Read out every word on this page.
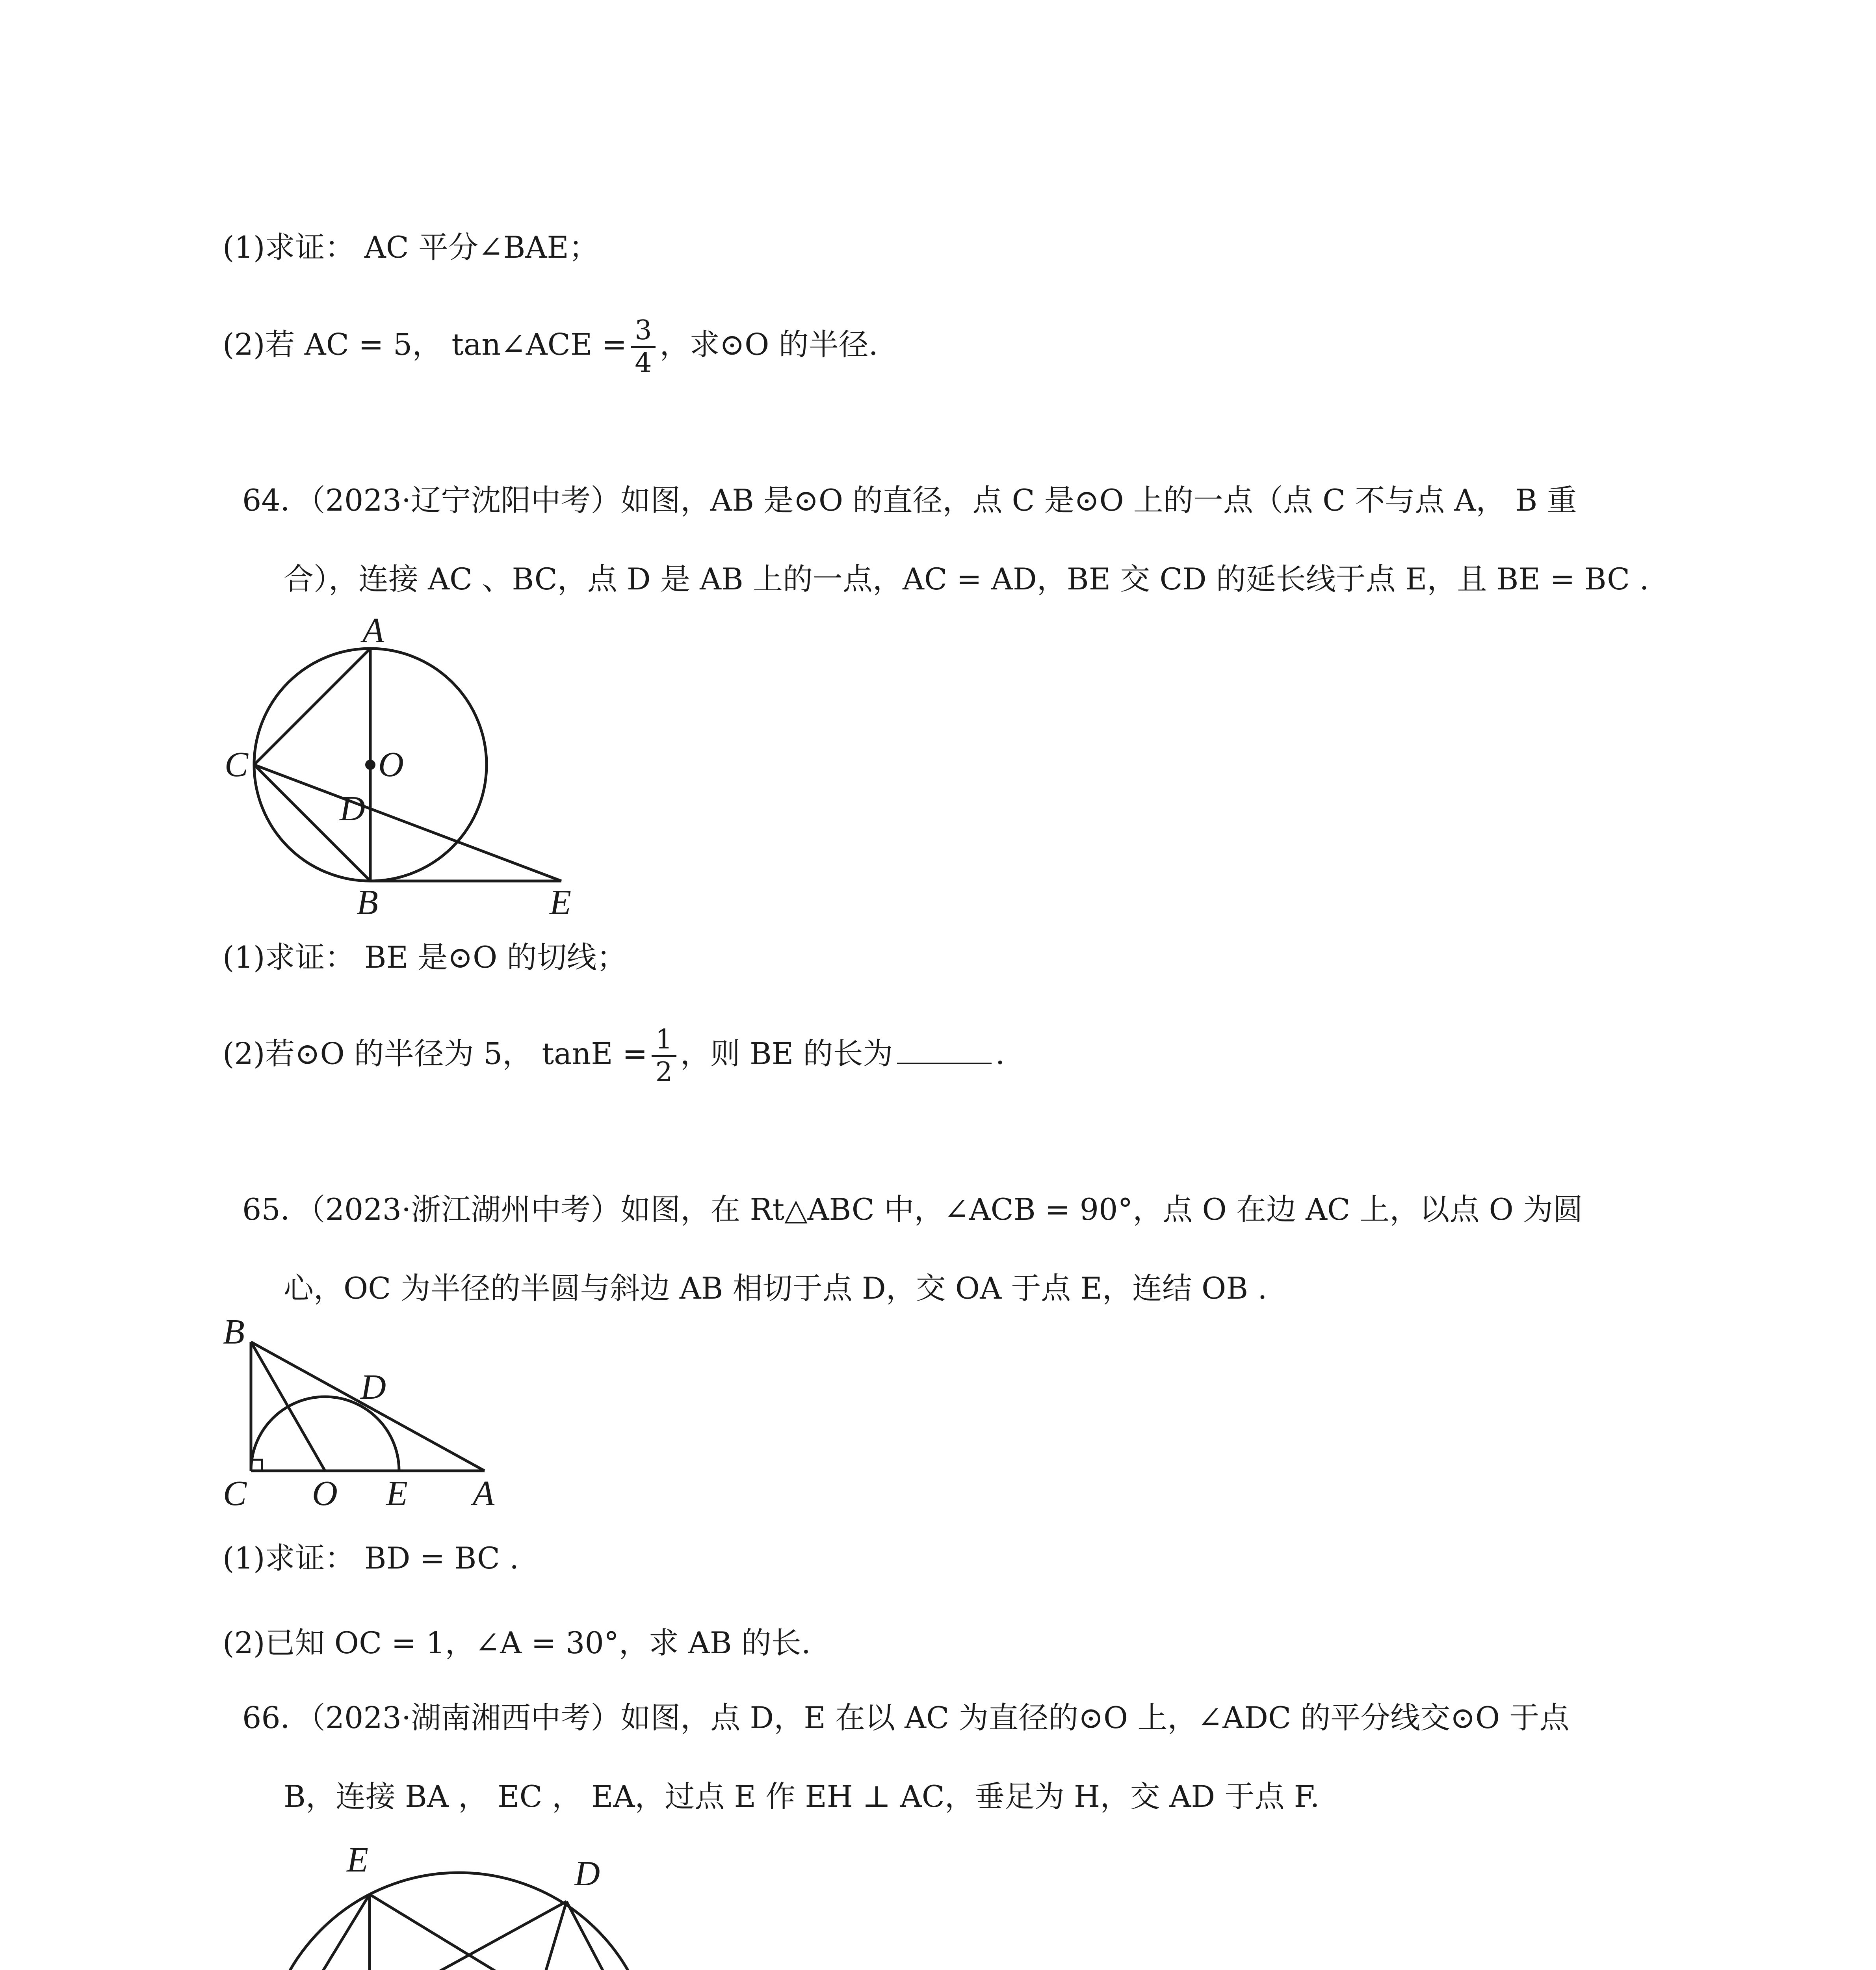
(1)求证： AC 平分∠BAE；
(2)若 AC = 5， tan∠ACE = $\frac{3}{4}$ ，求⊙O 的半径.
64．（2023·辽宁沈阳中考）如图，AB 是⊙O 的直径，点 C 是⊙O 上的一点（点 C 不与点 A， B 重
合），连接 AC 、BC，点 D 是 AB 上的一点，AC = AD，BE 交 CD 的延长线于点 E，且 BE = BC .
A
C	O
D
B	E
(1)求证： BE 是⊙O 的切线；
(2)若⊙O 的半径为 5， $\tan E = \frac{1}{2}$ ，则 BE 的长为	.
65．（2023·浙江湖州中考）如图，在 Rt△ABC 中，∠ACB = 90°，点 O 在边 AC 上，以点 O 为圆
心，OC 为半径的半圆与斜边 AB 相切于点 D，交 OA 于点 E，连结 OB .
B
D
C O E A
(1)求证： BD = BC .
(2)已知 OC = 1，∠A = 30°，求 AB 的长.
66．（2023·湖南湘西中考）如图，点 D，E 在以 AC 为直径的⊙O 上，∠ADC 的平分线交⊙O 于点
B，连接 BA ， EC ， EA，过点 E 作 EH ⊥ AC，垂足为 H，交 AD 于点 F.
E	D
